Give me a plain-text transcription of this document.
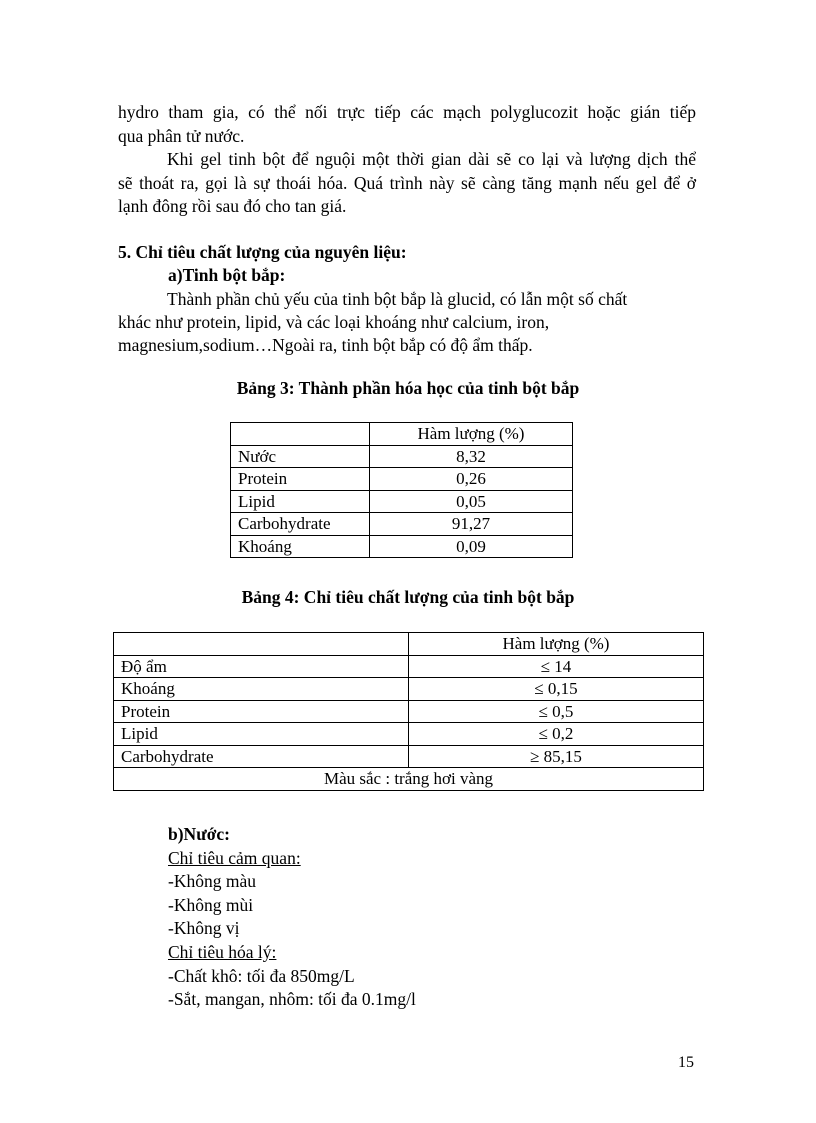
hydro tham gia, có thể nối trực tiếp các mạch polyglucozit hoặc gián tiếp

qua phân tử nước.

Khi gel tinh bột để nguội một thời gian dài sẽ co lại và lượng dịch thể

sẽ thoát ra, gọi là sự thoái hóa. Quá trình này sẽ càng tăng mạnh nếu gel để ở

lạnh đông rồi sau đó cho tan giá.

5. Chỉ tiêu chất lượng của nguyên liệu:

a)Tinh bột bắp:

Thành phần chủ yếu của tinh bột bắp là glucid, có lẫn một số chất

khác như protein, lipid, và các loại khoáng như calcium, iron,

magnesium,sodium…Ngoài ra, tinh bột bắp có độ ẩm thấp.

Bảng 3: Thành phần hóa học của tinh bột bắp

	Hàm lượng (%)
Nước	8,32
Protein	0,26
Lipid	0,05
Carbohydrate	91,27
Khoáng	0,09

Bảng 4: Chỉ tiêu chất lượng của tinh bột bắp

	Hàm lượng (%)
Độ ẩm	≤ 14
Khoáng	≤ 0,15
Protein	≤ 0,5
Lipid	≤ 0,2
Carbohydrate	≥ 85,15
Màu sắc : trắng hơi vàng	
b)Nước:
Chỉ tiêu cảm quan:
-Không màu
-Không mùi
-Không vị
Chỉ tiêu hóa lý:
-Chất khô: tối đa 850mg/L
-Sắt, mangan, nhôm: tối đa 0.1mg/l
15
